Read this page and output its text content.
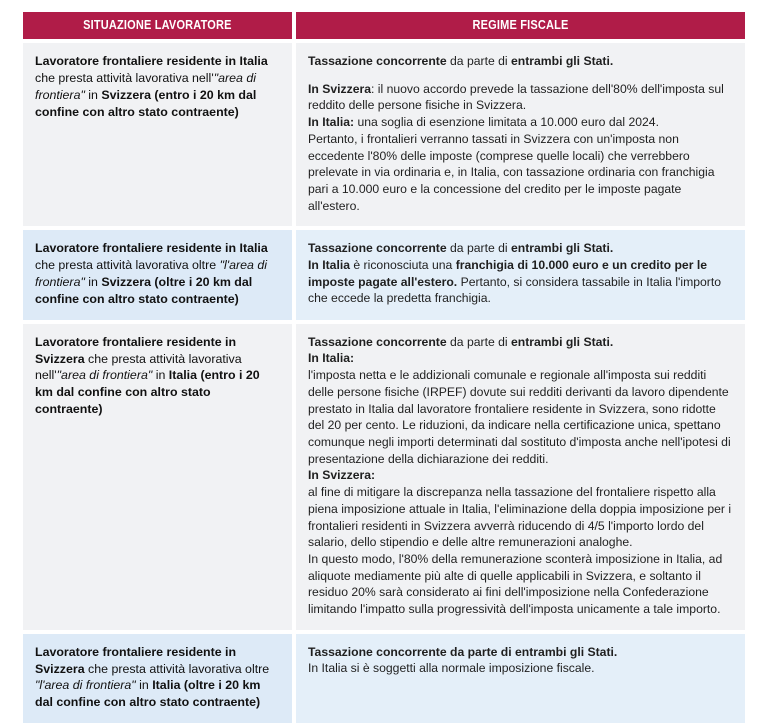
SITUAZIONE LAVORATORE	REGIME FISCALE

Lavoratore frontaliere residente in Italia che presta attività lavorativa nell'"area di frontiera" in Svizzera (entro i 20 km dal confine con altro stato contraente)

Tassazione concorrente da parte di entrambi gli Stati.

In Svizzera: il nuovo accordo prevede la tassazione dell'80% dell'imposta sul reddito delle persone fisiche in Svizzera.

In Italia: una soglia di esenzione limitata a 10.000 euro dal 2024.

Pertanto, i frontalieri verranno tassati in Svizzera con un'imposta non eccedente l'80% delle imposte (comprese quelle locali) che verrebbero prelevate in via ordinaria e, in Italia, con tassazione ordinaria con franchigia pari a 10.000 euro e la concessione del credito per le imposte pagate all'estero.

Lavoratore frontaliere residente in Italia che presta attività lavorativa oltre "l'area di frontiera" in Svizzera (oltre i 20 km dal confine con altro stato contraente)

Tassazione concorrente da parte di entrambi gli Stati.

In Italia è riconosciuta una franchigia di 10.000 euro e un credito per le imposte pagate all'estero. Pertanto, si considera tassabile in Italia l'importo che eccede la predetta franchigia.

Lavoratore frontaliere residente in Svizzera che presta attività lavorativa nell'"area di frontiera" in Italia (entro i 20 km dal confine con altro stato contraente)

Tassazione concorrente da parte di entrambi gli Stati.

In Italia:

l'imposta netta e le addizionali comunale e regionale all'imposta sui redditi delle persone fisiche (IRPEF) dovute sui redditi derivanti da lavoro dipendente prestato in Italia dal lavoratore frontaliere residente in Svizzera, sono ridotte del 20 per cento. Le riduzioni, da indicare nella certificazione unica, spettano comunque negli importi determinati dal sostituto d'imposta anche nell'ipotesi di presentazione della dichiarazione dei redditi.

In Svizzera:

al fine di mitigare la discrepanza nella tassazione del frontaliere rispetto alla piena imposizione attuale in Italia, l'eliminazione della doppia imposizione per i frontalieri residenti in Svizzera avverrà riducendo di 4/5 l'importo lordo del salario, dello stipendio e delle altre remunerazioni analoghe.

In questo modo, l'80% della remunerazione sconterà imposizione in Italia, ad aliquote mediamente più alte di quelle applicabili in Svizzera, e soltanto il residuo 20% sarà considerato ai fini dell'imposizione nella Confederazione limitando l'impatto sulla progressività dell'imposta unicamente a tale importo.

Lavoratore frontaliere residente in Svizzera che presta attività lavorativa oltre "l'area di frontiera" in Italia (oltre i 20 km dal confine con altro stato contraente)

Tassazione concorrente da parte di entrambi gli Stati.

In Italia si è soggetti alla normale imposizione fiscale.
